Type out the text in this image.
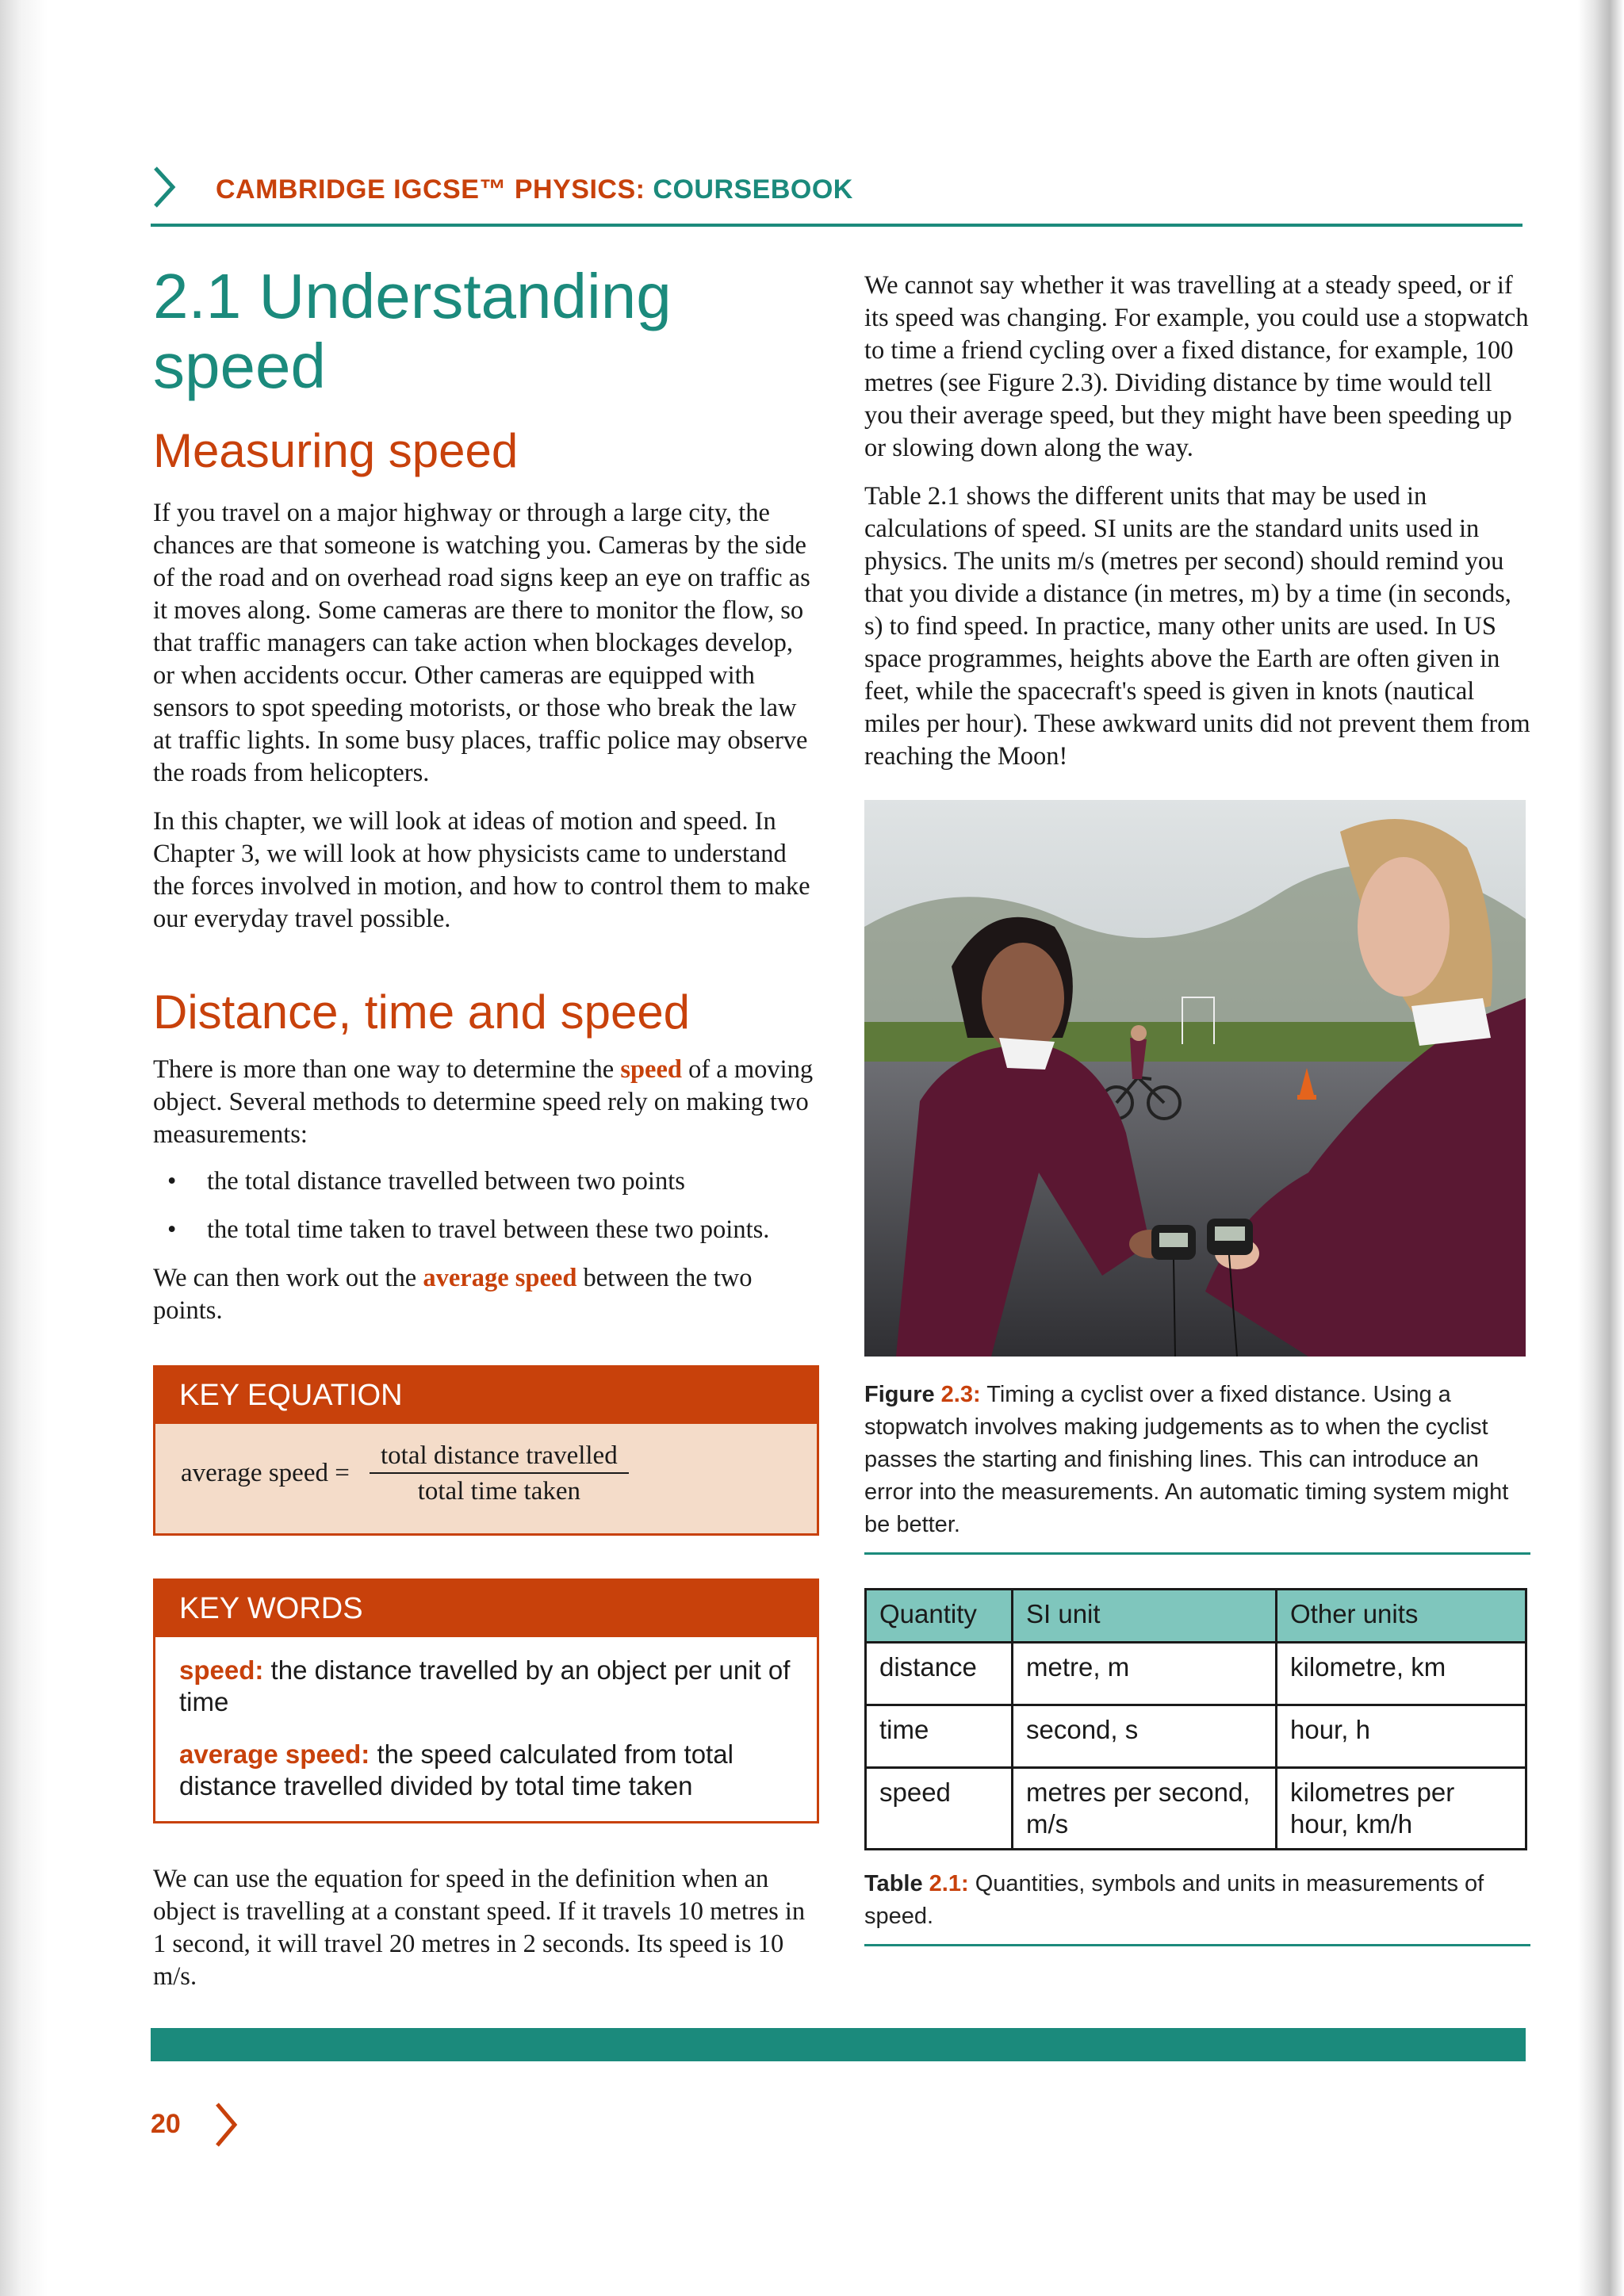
CAMBRIDGE IGCSE™ PHYSICS: COURSEBOOK
2.1 Understanding speed
Measuring speed

If you travel on a major highway or through a large city, the chances are that someone is watching you. Cameras by the side of the road and on overhead road signs keep an eye on traffic as it moves along. Some cameras are there to monitor the flow, so that traffic managers can take action when blockages develop, or when accidents occur. Other cameras are equipped with sensors to spot speeding motorists, or those who break the law at traffic lights. In some busy places, traffic police may observe the roads from helicopters.

In this chapter, we will look at ideas of motion and speed. In Chapter 3, we will look at how physicists came to understand the forces involved in motion, and how to control them to make our everyday travel possible.

Distance, time and speed

There is more than one way to determine the speed of a moving object. Several methods to determine speed rely on making two measurements:

• the total distance travelled between two points
• the total time taken to travel between these two points.

We can then work out the average speed between the two points.

KEY EQUATION
average speed =
total distance travelled
total time taken
KEY WORDS
speed: the distance travelled by an object per unit of time
average speed: the speed calculated from total distance travelled divided by total time taken

We can use the equation for speed in the definition when an object is travelling at a constant speed. If it travels 10 metres in 1 second, it will travel 20 metres in 2 seconds. Its speed is 10 m/s.

We cannot say whether it was travelling at a steady speed, or if its speed was changing. For example, you could use a stopwatch to time a friend cycling over a fixed distance, for example, 100 metres (see Figure 2.3). Dividing distance by time would tell you their average speed, but they might have been speeding up or slowing down along the way.

Table 2.1 shows the different units that may be used in calculations of speed. SI units are the standard units used in physics. The units m/s (metres per second) should remind you that you divide a distance (in metres, m) by a time (in seconds, s) to find speed. In practice, many other units are used. In US space programmes, heights above the Earth are often given in feet, while the spacecraft's speed is given in knots (nautical miles per hour). These awkward units did not prevent them from reaching the Moon!

Figure 2.3: Timing a cyclist over a fixed distance. Using a stopwatch involves making judgements as to when the cyclist passes the starting and finishing lines. This can introduce an error into the measurements. An automatic timing system might be better.
Quantity	SI unit	Other units
distance	metre, m	kilometre, km
time	second, s	hour, h
speed	metres per second, m/s	kilometres per hour, km/h
Table 2.1: Quantities, symbols and units in measurements of speed.
20
